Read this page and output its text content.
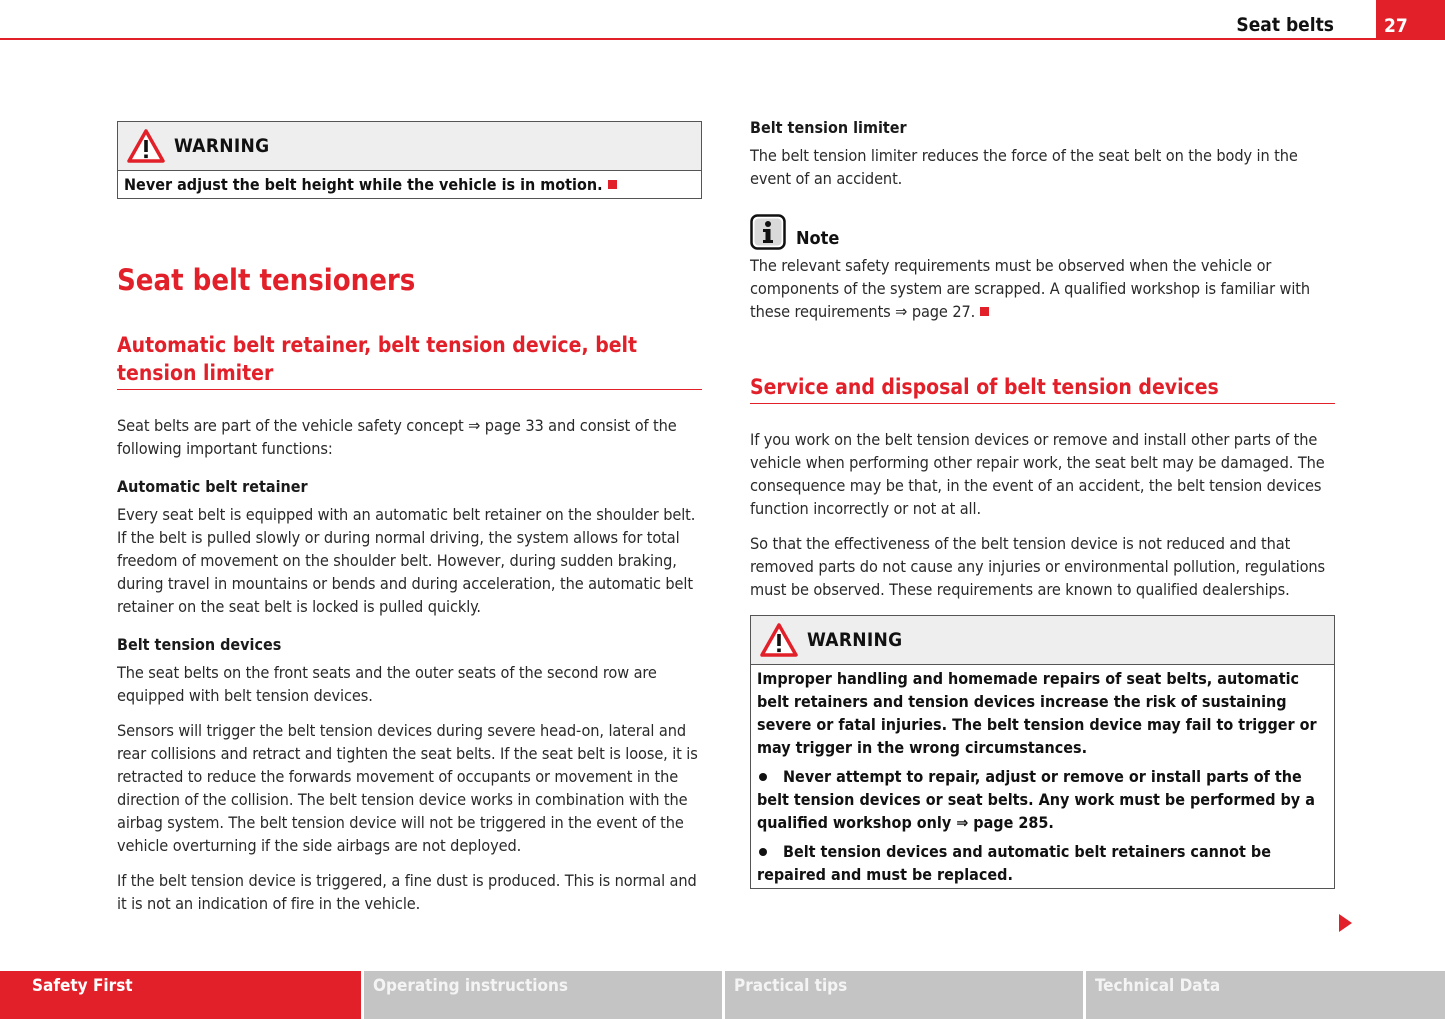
Seat belts	27
WARNING

Never adjust the belt height while the vehicle is in motion.

Seat belt tensioners
Automatic belt retainer, belt tension device, belt tension limiter

Seat belts are part of the vehicle safety concept ⇒ page 33 and consist of the following important functions:

Automatic belt retainer

Every seat belt is equipped with an automatic belt retainer on the shoulder belt. If the belt is pulled slowly or during normal driving, the system allows for total freedom of movement on the shoulder belt. However, during sudden braking, during travel in mountains or bends and during acceleration, the automatic belt retainer on the seat belt is locked is pulled quickly.

Belt tension devices

The seat belts on the front seats and the outer seats of the second row are equipped with belt tension devices.

Sensors will trigger the belt tension devices during severe head-on, lateral and rear collisions and retract and tighten the seat belts. If the seat belt is loose, it is retracted to reduce the forwards movement of occupants or movement in the direction of the collision. The belt tension device works in combination with the airbag system. The belt tension device will not be triggered in the event of the vehicle overturning if the side airbags are not deployed.

If the belt tension device is triggered, a fine dust is produced. This is normal and it is not an indication of fire in the vehicle.

Belt tension limiter

The belt tension limiter reduces the force of the seat belt on the body in the event of an accident.

Note

The relevant safety requirements must be observed when the vehicle or components of the system are scrapped. A qualified workshop is familiar with these requirements ⇒ page 27.

Service and disposal of belt tension devices

If you work on the belt tension devices or remove and install other parts of the vehicle when performing other repair work, the seat belt may be damaged. The consequence may be that, in the event of an accident, the belt tension devices function incorrectly or not at all.

So that the effectiveness of the belt tension device is not reduced and that removed parts do not cause any injuries or environmental pollution, regulations must be observed. These requirements are known to qualified dealerships.

WARNING

Improper handling and homemade repairs of seat belts, automatic belt retainers and tension devices increase the risk of sustaining severe or fatal injuries. The belt tension device may fail to trigger or may trigger in the wrong circumstances.

Never attempt to repair, adjust or remove or install parts of the belt tension devices or seat belts. Any work must be performed by a qualified workshop only ⇒ page 285.

Belt tension devices and automatic belt retainers cannot be repaired and must be replaced.

Safety First	Operating instructions	Practical tips	Technical Data
